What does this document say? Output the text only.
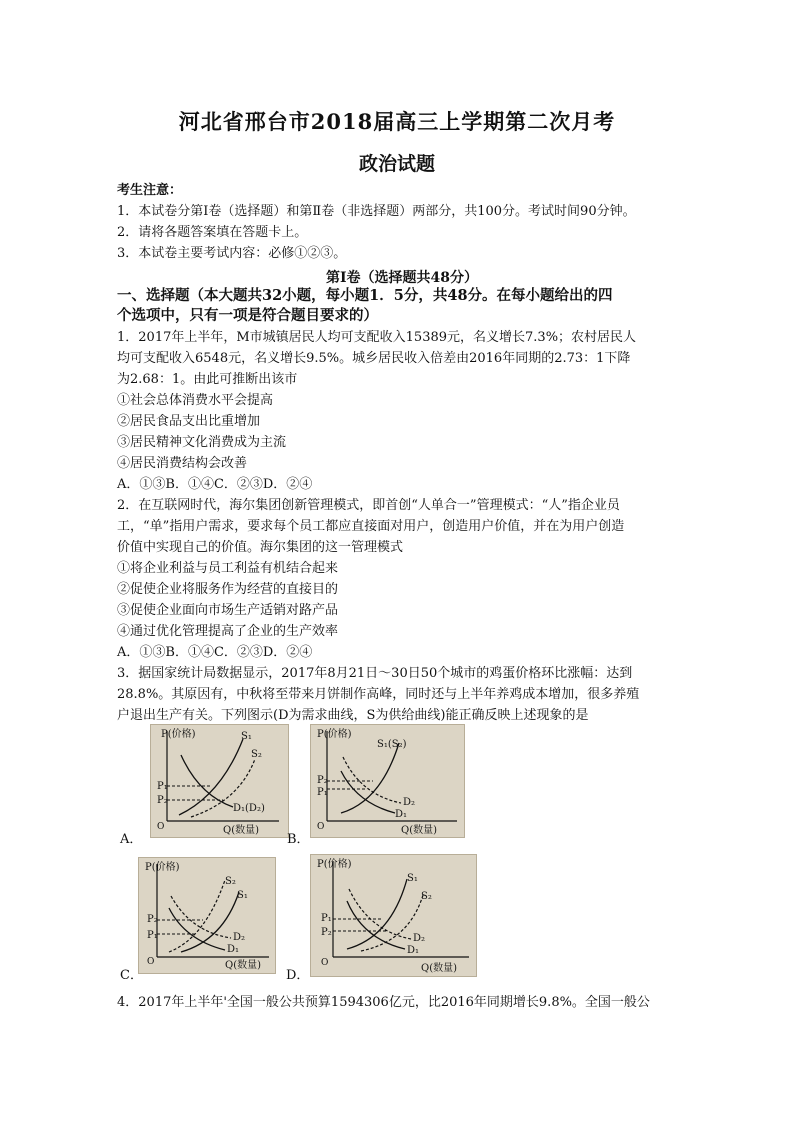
河北省邢台市2018届高三上学期第二次月考
政治试题
考生注意：
1．本试卷分第Ⅰ卷（选择题）和第Ⅱ卷（非选择题）两部分，共100分。考试时间90分钟。
2．请将各题答案填在答题卡上。
3．本试卷主要考试内容：必修①②③。
第Ⅰ卷（选择题共48分）
一、选择题（本大题共32小题，每小题1．5分，共48分。在每小题给出的四
个选项中，只有一项是符合题目要求的）
1．2017年上半年，M市城镇居民人均可支配收入15389元，名义增长7.3%；农村居民人
均可支配收入6548元，名义增长9.5%。城乡居民收入倍差由2016年同期的2.73：1下降
为2.68：1。由此可推断出该市
①社会总体消费水平会提高
②居民食品支出比重增加
③居民精神文化消费成为主流
④居民消费结构会改善
A．①③B．①④C．②③D．②④
2．在互联网时代，海尔集团创新管理模式，即首创“人单合一”管理模式：“人”指企业员
工，“单”指用户需求，要求每个员工都应直接面对用户，创造用户价值，并在为用户创造
价值中实现自己的价值。海尔集团的这一管理模式
①将企业利益与员工利益有机结合起来
②促使企业将服务作为经营的直接目的
③促使企业面向市场生产适销对路产品
④通过优化管理提高了企业的生产效率
A．①③B．①④C．②③D．②④
3．据国家统计局数据显示，2017年8月21日～30日50个城市的鸡蛋价格环比涨幅：达到
28.8%。其原因有，中秋将至带来月饼制作高峰，同时还与上半年养鸡成本增加，很多养殖
户退出生产有关。下列图示(D为需求曲线，S为供给曲线)能正确反映上述现象的是
P(价格)
Q(数量)
O
P₁
P₂
S₁
S₂
D₁(D₂)
A．
P(价格)
Q(数量)
O
P₂
P₁
S₁(S₂)
D₂
D₁
B．
P(价格)
Q(数量)
O
P₂
P₁
S₂
S₁
D₂
D₁
C．
P(价格)
Q(数量)
O
P₁
P₂
S₁
S₂
D₂
D₁
D．
4．2017年上半年'全国一般公共预算1594306亿元，比2016年同期增长9.8%。全国一般公
